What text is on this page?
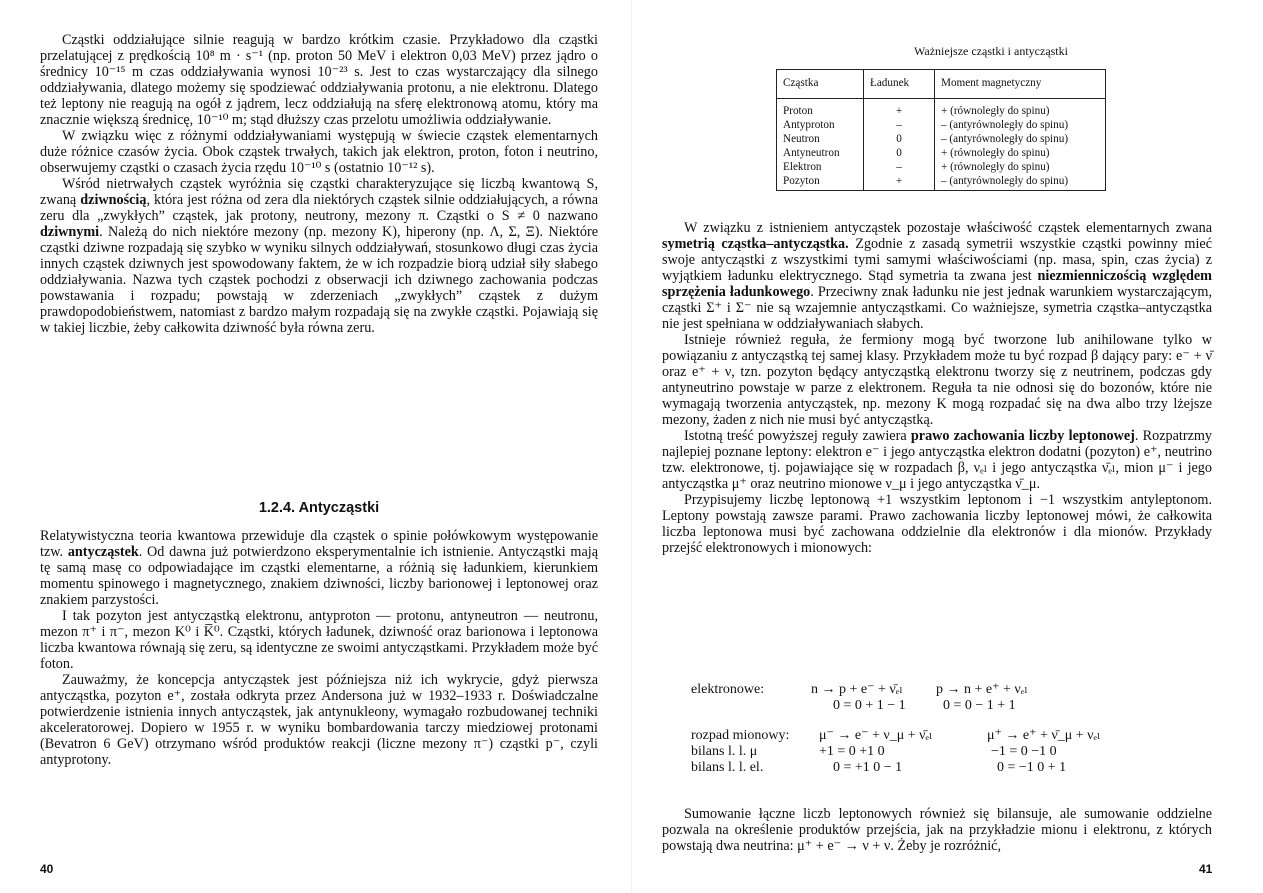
Cząstki oddziałujące silnie reagują w bardzo krótkim czasie. Przykładowo dla cząstki przelatującej z prędkością 10⁸ m · s⁻¹ (np. proton 50 MeV i elektron 0,03 MeV) przez jądro o średnicy 10⁻¹⁵ m czas oddziaływania wynosi 10⁻²³ s. Jest to czas wystarczający dla silnego oddziaływania, dlatego możemy się spodziewać oddziaływania protonu, a nie elektronu. Dlatego też leptony nie reagują na ogół z jądrem, lecz oddziałują na sferę elektronową atomu, który ma znacznie większą średnicę, 10⁻¹⁰ m; stąd dłuższy czas przelotu umożliwia oddziaływanie.

W związku więc z różnymi oddziaływaniami występują w świecie cząstek elementarnych duże różnice czasów życia. Obok cząstek trwałych, takich jak elektron, proton, foton i neutrino, obserwujemy cząstki o czasach życia rzędu 10⁻¹⁰ s (ostatnio 10⁻¹² s).

Wśród nietrwałych cząstek wyróżnia się cząstki charakteryzujące się liczbą kwantową S, zwaną dziwnością, która jest różna od zera dla niektórych cząstek silnie oddziałujących, a równa zeru dla „zwykłych” cząstek, jak protony, neutrony, mezony π. Cząstki o S ≠ 0 nazwano dziwnymi. Należą do nich niektóre mezony (np. mezony K), hiperony (np. Λ, Σ, Ξ). Niektóre cząstki dziwne rozpadają się szybko w wyniku silnych oddziaływań, stosunkowo długi czas życia innych cząstek dziwnych jest spowodowany faktem, że w ich rozpadzie biorą udział siły słabego oddziaływania. Nazwa tych cząstek pochodzi z obserwacji ich dziwnego zachowania podczas powstawania i rozpadu; powstają w zderzeniach „zwykłych” cząstek z dużym prawdopodobieństwem, natomiast z bardzo małym rozpadają się na zwykłe cząstki. Pojawiają się w takiej liczbie, żeby całkowita dziwność była równa zeru.

1.2.4. Antycząstki

Relatywistyczna teoria kwantowa przewiduje dla cząstek o spinie połówkowym występowanie tzw. antycząstek. Od dawna już potwierdzono eksperymentalnie ich istnienie. Antycząstki mają tę samą masę co odpowiadające im cząstki elementarne, a różnią się ładunkiem, kierunkiem momentu spinowego i magnetycznego, znakiem dziwności, liczby barionowej i leptonowej oraz znakiem parzystości.

I tak pozyton jest antycząstką elektronu, antyproton — protonu, antyneutron — neutronu, mezon π⁺ i π⁻, mezon K⁰ i K̅⁰. Cząstki, których ładunek, dziwność oraz barionowa i leptonowa liczba kwantowa równają się zeru, są identyczne ze swoimi antycząstkami. Przykładem może być foton.

Zauważmy, że koncepcja antycząstek jest późniejsza niż ich wykrycie, gdyż pierwsza antycząstka, pozyton e⁺, została odkryta przez Andersona już w 1932–1933 r. Doświadczalne potwierdzenie istnienia innych antycząstek, jak antynukleony, wymagało rozbudowanej techniki akceleratorowej. Dopiero w 1955 r. w wyniku bombardowania tarczy miedziowej protonami (Bevatron 6 GeV) otrzymano wśród produktów reakcji (liczne mezony π⁻) cząstki p⁻, czyli antyprotony.

40
Ważniejsze cząstki i antycząstki
Cząstka	Ładunek	Moment magnetyczny
Proton	+	+ (równoległy do spinu)
Antyproton	–	– (antyrównoległy do spinu)
Neutron	0	– (antyrównoległy do spinu)
Antyneutron	0	+ (równoległy do spinu)
Elektron	–	+ (równoległy do spinu)
Pozyton	+	– (antyrównoległy do spinu)

W związku z istnieniem antycząstek pozostaje właściwość cząstek elementarnych zwana symetrią cząstka–antycząstka. Zgodnie z zasadą symetrii wszystkie cząstki powinny mieć swoje antycząstki z wszystkimi tymi samymi właściwościami (np. masa, spin, czas życia) z wyjątkiem ładunku elektrycznego. Stąd symetria ta zwana jest niezmienniczością względem sprzężenia ładunkowego. Przeciwny znak ładunku nie jest jednak warunkiem wystarczającym, cząstki Σ⁺ i Σ⁻ nie są wzajemnie antycząstkami. Co ważniejsze, symetria cząstka–antycząstka nie jest spełniana w oddziaływaniach słabych.

Istnieje również reguła, że fermiony mogą być tworzone lub anihilowane tylko w powiązaniu z antycząstką tej samej klasy. Przykładem może tu być rozpad β dający pary: e⁻ + ν̄ oraz e⁺ + ν, tzn. pozyton będący antycząstką elektronu tworzy się z neutrinem, podczas gdy antyneutrino powstaje w parze z elektronem. Reguła ta nie odnosi się do bozonów, które nie wymagają tworzenia antycząstek, np. mezony K mogą rozpadać się na dwa albo trzy lżejsze mezony, żaden z nich nie musi być antycząstką.

Istotną treść powyższej reguły zawiera prawo zachowania liczby leptonowej. Rozpatrzmy najlepiej poznane leptony: elektron e⁻ i jego antycząstka elektron dodatni (pozyton) e⁺, neutrino tzw. elektronowe, tj. pojawiające się w rozpadach β, νₑₗ i jego antycząstka ν̄ₑₗ, mion μ⁻ i jego antycząstka μ⁺ oraz neutrino mionowe ν_μ i jego antycząstka ν̄_μ.

Przypisujemy liczbę leptonową +1 wszystkim leptonom i −1 wszystkim antyleptonom. Leptony powstają zawsze parami. Prawo zachowania liczby leptonowej mówi, że całkowita liczba leptonowa musi być zachowana oddzielnie dla elektronów i dla mionów. Przykłady przejść elektronowych i mionowych:

elektronowe:	n → p + e⁻ + ν̄ₑₗ p → n + e⁺ + νₑₗ
0 = 0 + 1 − 1	0 = 0 − 1 + 1
rozpad mionowy: μ⁻ → e⁻ + ν_μ + ν̄ₑₗ	μ⁺ → e⁺ + ν̄_μ + νₑₗ
bilans l. l. μ	+1 = 0 +1 0	−1 = 0 −1 0
bilans l. l. el.	0 = +1 0 − 1	0 = −1 0 + 1

Sumowanie łączne liczb leptonowych również się bilansuje, ale sumowanie oddzielne pozwala na określenie produktów przejścia, jak na przykładzie mionu i elektronu, z których powstają dwa neutrina: μ⁺ + e⁻ → ν + ν. Żeby je rozróżnić,

41
